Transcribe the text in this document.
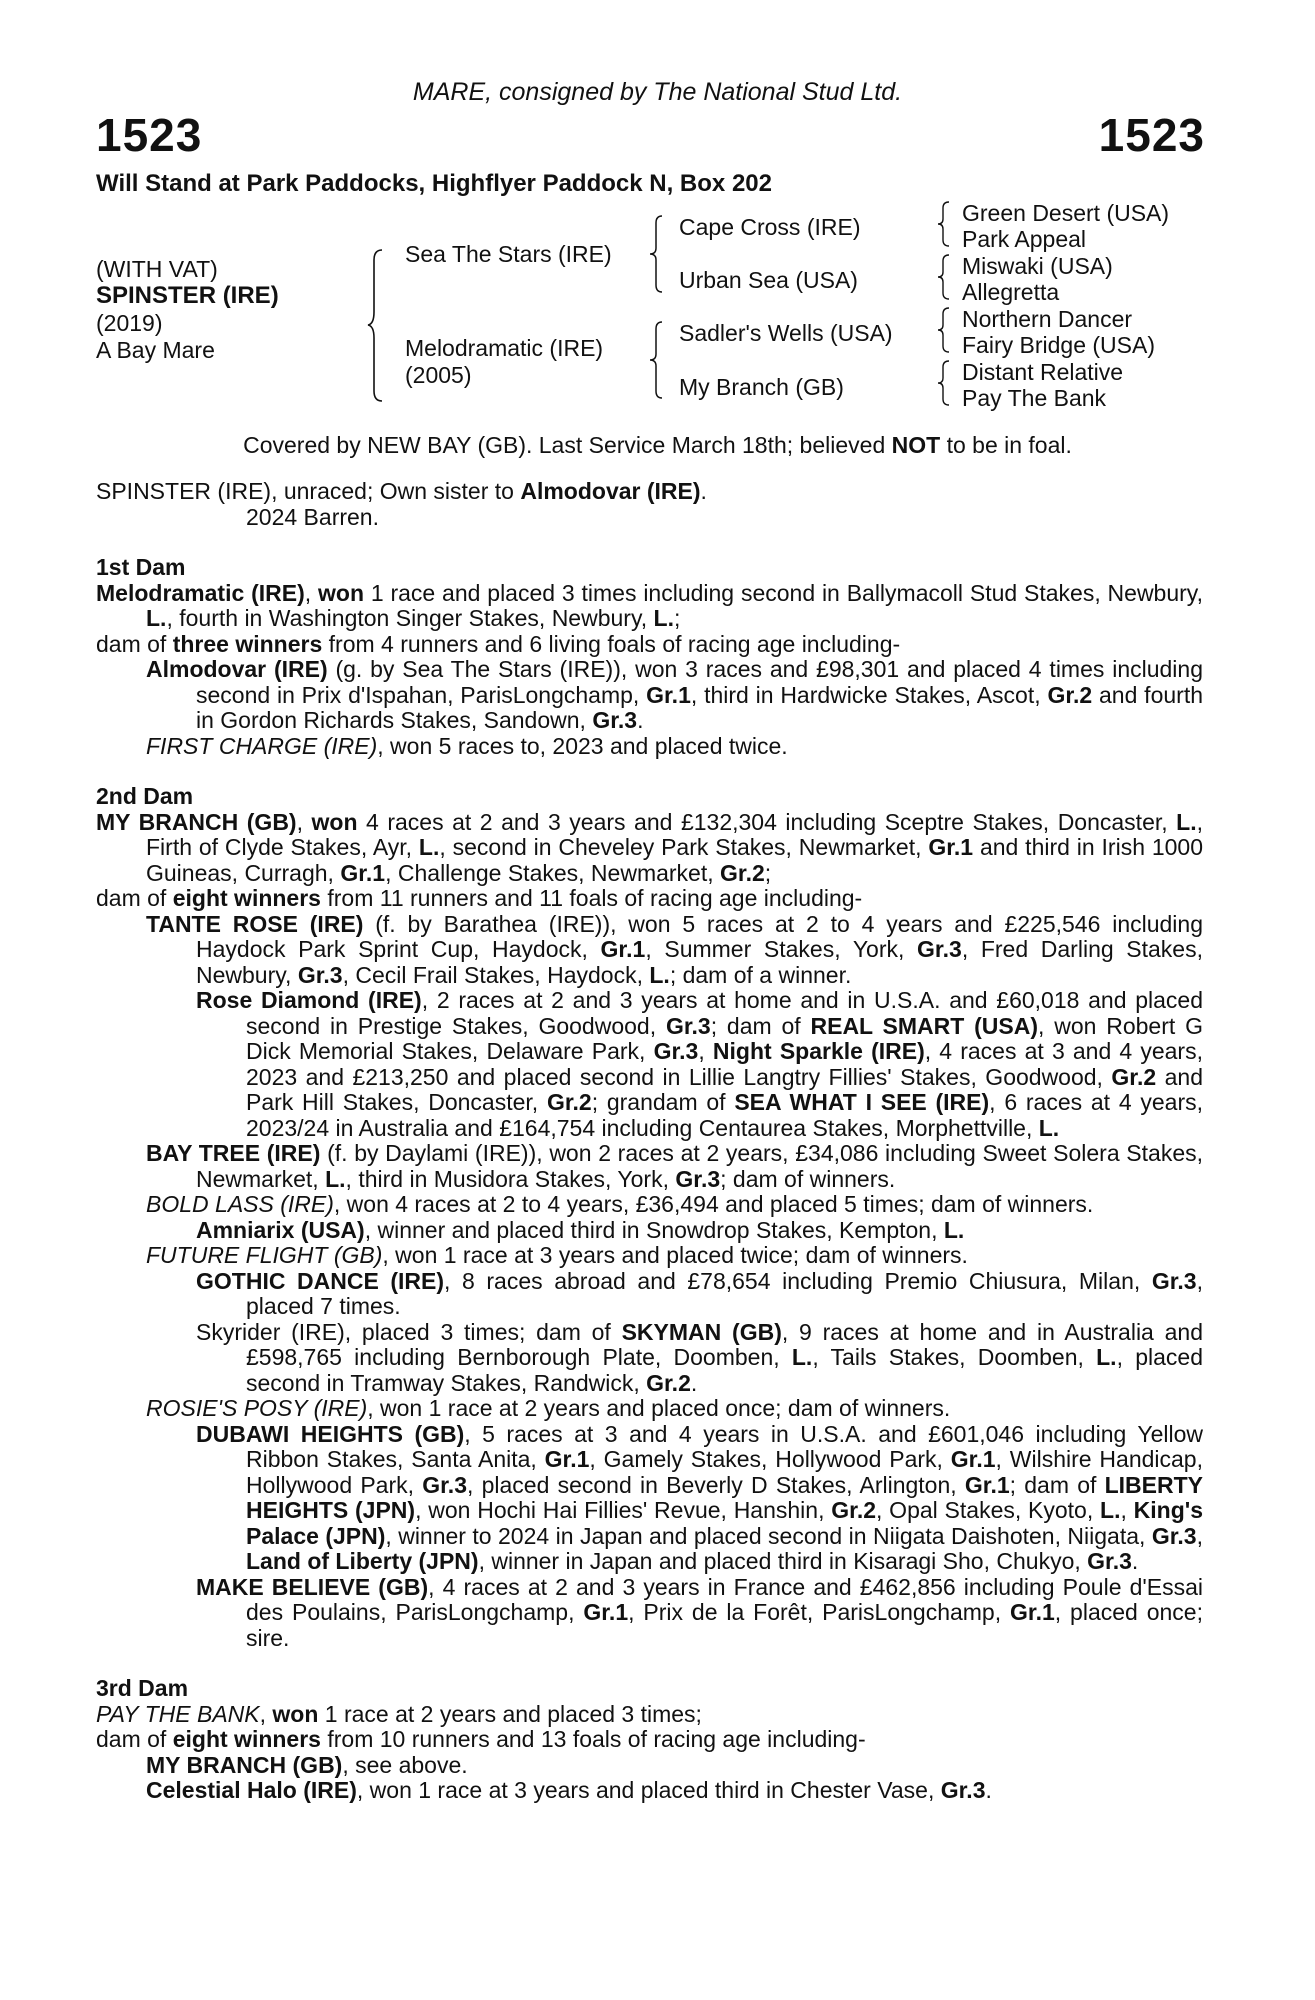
MARE, consigned by The National Stud Ltd.
1523	1523
Will Stand at Park Paddocks, Highflyer Paddock N, Box 202
(WITH VAT)
SPINSTER (IRE)
(2019)
A Bay Mare
Sea The Stars (IRE)
Melodramatic (IRE)
(2005)
Cape Cross (IRE)
Urban Sea (USA)
Sadler's Wells (USA)
My Branch (GB)
Green Desert (USA)
Park Appeal
Miswaki (USA)
Allegretta
Northern Dancer
Fairy Bridge (USA)
Distant Relative
Pay The Bank
Covered by NEW BAY (GB). Last Service March 18th; believed NOT to be in foal.

SPINSTER (IRE), unraced; Own sister to Almodovar (IRE).

2024 Barren.

1st Dam

Melodramatic (IRE), won 1 race and placed 3 times including second in Ballymacoll Stud Stakes, Newbury, L., fourth in Washington Singer Stakes, Newbury, L.;

dam of three winners from 4 runners and 6 living foals of racing age including-

Almodovar (IRE) (g. by Sea The Stars (IRE)), won 3 races and £98,301 and placed 4 times including second in Prix d'Ispahan, ParisLongchamp, Gr.1, third in Hardwicke Stakes, Ascot, Gr.2 and fourth in Gordon Richards Stakes, Sandown, Gr.3.

FIRST CHARGE (IRE), won 5 races to, 2023 and placed twice.

2nd Dam

MY BRANCH (GB), won 4 races at 2 and 3 years and £132,304 including Sceptre Stakes, Doncaster, L., Firth of Clyde Stakes, Ayr, L., second in Cheveley Park Stakes, Newmarket, Gr.1 and third in Irish 1000 Guineas, Curragh, Gr.1, Challenge Stakes, Newmarket, Gr.2;

dam of eight winners from 11 runners and 11 foals of racing age including-

TANTE ROSE (IRE) (f. by Barathea (IRE)), won 5 races at 2 to 4 years and £225,546 including Haydock Park Sprint Cup, Haydock, Gr.1, Summer Stakes, York, Gr.3, Fred Darling Stakes, Newbury, Gr.3, Cecil Frail Stakes, Haydock, L.; dam of a winner.

Rose Diamond (IRE), 2 races at 2 and 3 years at home and in U.S.A. and £60,018 and placed second in Prestige Stakes, Goodwood, Gr.3; dam of REAL SMART (USA), won Robert G Dick Memorial Stakes, Delaware Park, Gr.3, Night Sparkle (IRE), 4 races at 3 and 4 years, 2023 and £213,250 and placed second in Lillie Langtry Fillies' Stakes, Goodwood, Gr.2 and Park Hill Stakes, Doncaster, Gr.2; grandam of SEA WHAT I SEE (IRE), 6 races at 4 years, 2023/24 in Australia and £164,754 including Centaurea Stakes, Morphettville, L.

BAY TREE (IRE) (f. by Daylami (IRE)), won 2 races at 2 years, £34,086 including Sweet Solera Stakes, Newmarket, L., third in Musidora Stakes, York, Gr.3; dam of winners.

BOLD LASS (IRE), won 4 races at 2 to 4 years, £36,494 and placed 5 times; dam of winners.

Amniarix (USA), winner and placed third in Snowdrop Stakes, Kempton, L.

FUTURE FLIGHT (GB), won 1 race at 3 years and placed twice; dam of winners.

GOTHIC DANCE (IRE), 8 races abroad and £78,654 including Premio Chiusura, Milan, Gr.3, placed 7 times.

Skyrider (IRE), placed 3 times; dam of SKYMAN (GB), 9 races at home and in Australia and £598,765 including Bernborough Plate, Doomben, L., Tails Stakes, Doomben, L., placed second in Tramway Stakes, Randwick, Gr.2.

ROSIE'S POSY (IRE), won 1 race at 2 years and placed once; dam of winners.

DUBAWI HEIGHTS (GB), 5 races at 3 and 4 years in U.S.A. and £601,046 including Yellow Ribbon Stakes, Santa Anita, Gr.1, Gamely Stakes, Hollywood Park, Gr.1, Wilshire Handicap, Hollywood Park, Gr.3, placed second in Beverly D Stakes, Arlington, Gr.1; dam of LIBERTY HEIGHTS (JPN), won Hochi Hai Fillies' Revue, Hanshin, Gr.2, Opal Stakes, Kyoto, L., King's Palace (JPN), winner to 2024 in Japan and placed second in Niigata Daishoten, Niigata, Gr.3, Land of Liberty (JPN), winner in Japan and placed third in Kisaragi Sho, Chukyo, Gr.3.

MAKE BELIEVE (GB), 4 races at 2 and 3 years in France and £462,856 including Poule d'Essai des Poulains, ParisLongchamp, Gr.1, Prix de la Forêt, ParisLongchamp, Gr.1, placed once; sire.

3rd Dam

PAY THE BANK, won 1 race at 2 years and placed 3 times;

dam of eight winners from 10 runners and 13 foals of racing age including-

MY BRANCH (GB), see above.

Celestial Halo (IRE), won 1 race at 3 years and placed third in Chester Vase, Gr.3.
